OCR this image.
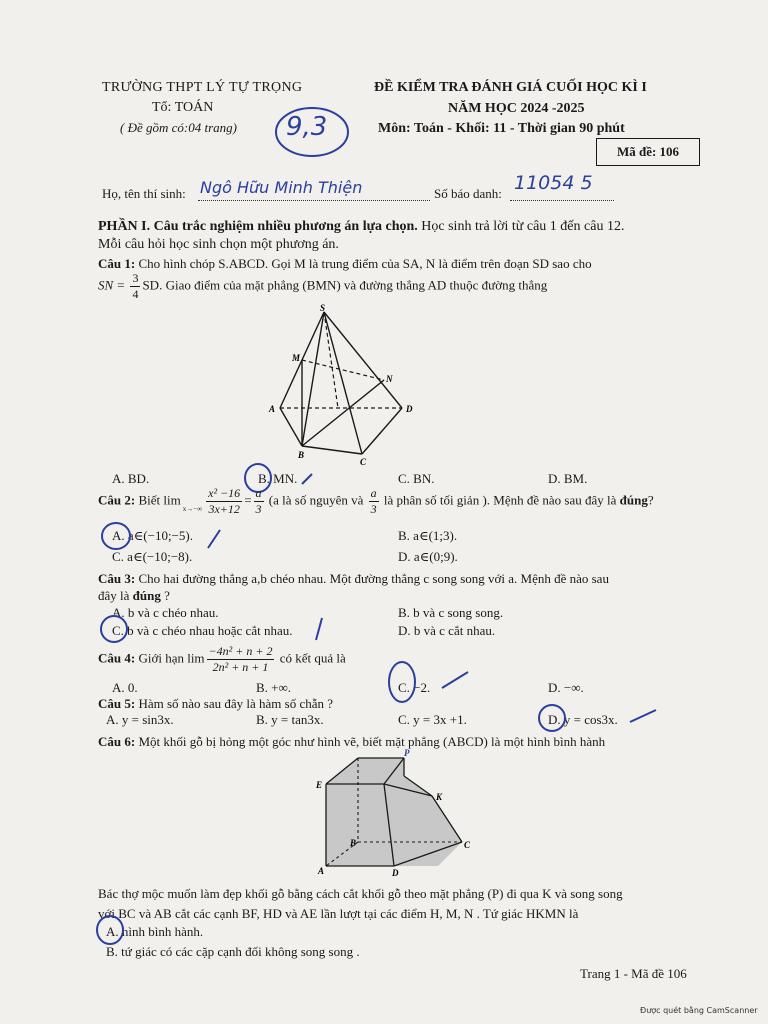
TRƯỜNG THPT LÝ TỰ TRỌNG
Tổ: TOÁN
( Đề gồm có:04 trang) 9,3
ĐỀ KIỂM TRA ĐÁNH GIÁ CUỐI HỌC KÌ I
NĂM HỌC 2024 -2025
Môn: Toán - Khối: 11 - Thời gian 90 phút
Mã đề: 106
Họ, tên thí sinh: Ngô Hữu Minh Thiện	Số báo danh: 11054 5
PHẦN I. Câu trắc nghiệm nhiều phương án lựa chọn. Học sinh trả lời từ câu 1 đến câu 12.
Mỗi câu hỏi học sinh chọn một phương án.
Câu 1: Cho hình chóp S.ABCD. Gọi M là trung điểm của SA, N là điểm trên đoạn SD sao cho
SN = $\frac{3}{4}$ SD. Giao điểm của mặt phẳng (BMN) và đường thẳng AD thuộc đường thẳng
S
M
N
A	D
B
C
A. BD.	B. MN.	C. BN.	D. BM.
Câu 2: Biết $\lim x\to-\infty \frac{\text{x² −16}}{3x+12} = \frac{a}{3} (a$ là số nguyên và $\frac{a}{3}$ là phân số tối giản ). Mệnh đề nào sau đây là đúng?
A. a∈(−10;−5).	B. a∈(1;3).
C. a∈(−10;−8).	D. a∈(0;9).
Câu 3: Cho hai đường thẳng a,b chéo nhau. Một đường thẳng c song song với a. Mệnh đề nào sau
đây là đúng ?
A. b và c chéo nhau.	B. b và c song song.
C. b và c chéo nhau hoặc cắt nhau.	D. b và c cắt nhau.
Câu 4: Giới hạn $\lim \frac{\text{−4n² + n + 2}}{\text{2n² + n + 1}}$ có kết quả là
A. 0.	B. +∞.	C. −2.	D. −∞.
Câu 5: Hàm số nào sau đây là hàm số chẵn ?
A. y = sin3x.	B. y = tan3x.	C. y = 3x +1.	D. y = cos3x.
Câu 6: Một khối gỗ bị hỏng một góc như hình vẽ, biết mặt phẳng (ABCD) là một hình bình hành
E
P
K
B	C
A	D
Bác thợ mộc muốn làm đẹp khối gỗ bằng cách cắt khối gỗ theo mặt phẳng (P) đi qua K và song song
với BC và AB cắt các cạnh BF, HD và AE lần lượt tại các điểm H, M, N . Tứ giác HKMN là
A. hình bình hành.
B. tứ giác có các cặp cạnh đối không song song .
Trang 1 - Mã đề 106
Được quét bằng CamScanner
